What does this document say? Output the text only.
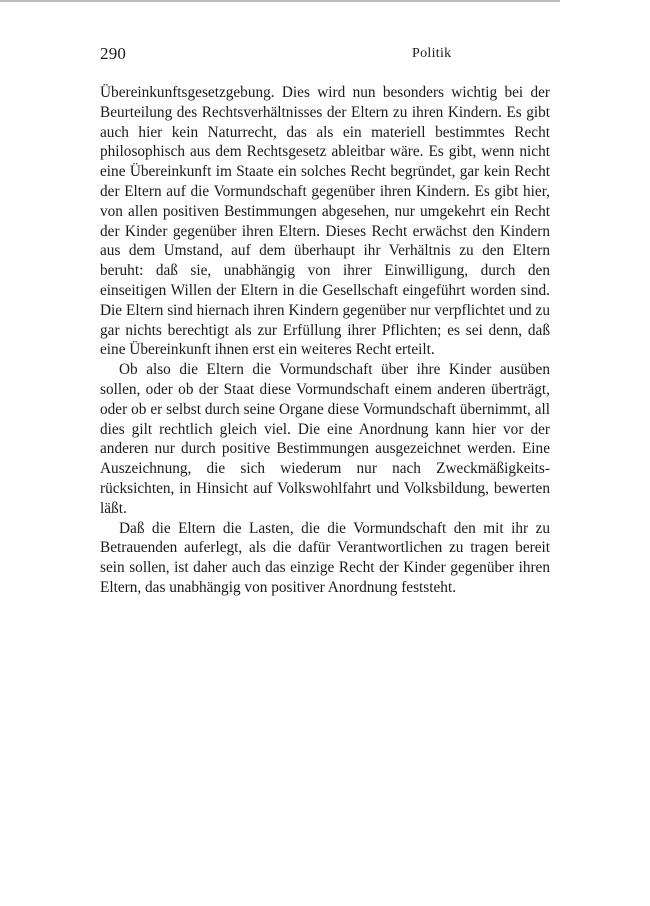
290	Politik

Übereinkunftsgesetzgebung. Dies wird nun besonders wichtig bei der Beurteilung des Rechtsverhältnisses der Eltern zu ihren Kindern. Es gibt auch hier kein Naturrecht, das als ein materiell bestimmtes Recht philosophisch aus dem Rechtsgesetz ableitbar wäre. Es gibt, wenn nicht eine Übereinkunft im Staate ein solches Recht begründet, gar kein Recht der Eltern auf die Vormundschaft gegenüber ihren Kindern. Es gibt hier, von allen positiven Bestimmungen abgesehen, nur umgekehrt ein Recht der Kinder gegenüber ihren Eltern. Dieses Recht erwächst den Kindern aus dem Umstand, auf dem überhaupt ihr Verhältnis zu den Eltern beruht: daß sie, unabhängig von ihrer Einwilligung, durch den einseitigen Willen der Eltern in die Gesellschaft eingeführt worden sind. Die Eltern sind hiernach ihren Kindern gegenüber nur verpflichtet und zu gar nichts berechtigt als zur Erfüllung ihrer Pflichten; es sei denn, daß eine Übereinkunft ihnen erst ein weiteres Recht erteilt.

Ob also die Eltern die Vormundschaft über ihre Kinder ausüben sollen, oder ob der Staat diese Vormundschaft einem anderen überträgt, oder ob er selbst durch seine Organe diese Vormundschaft übernimmt, all dies gilt rechtlich gleich viel. Die eine Anordnung kann hier vor der anderen nur durch positive Bestimmungen ausgezeichnet werden. Eine Auszeichnung, die sich wiederum nur nach Zweckmäßigkeitsrücksichten, in Hinsicht auf Volkswohlfahrt und Volksbildung, bewerten läßt.

Daß die Eltern die Lasten, die die Vormundschaft den mit ihr zu Betrauenden auferlegt, als die dafür Verantwortlichen zu tragen bereit sein sollen, ist daher auch das einzige Recht der Kinder gegenüber ihren Eltern, das unabhängig von positiver Anordnung feststeht.
